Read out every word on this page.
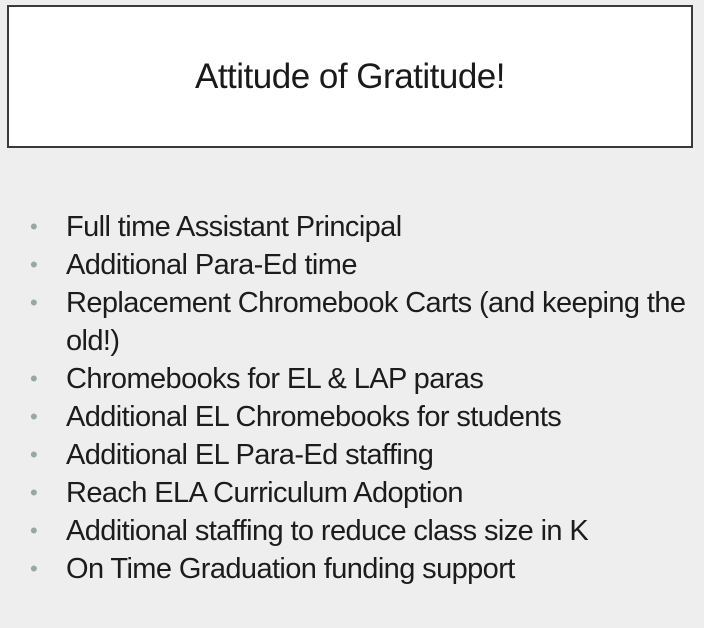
Attitude of Gratitude!
• Full time Assistant Principal
• Additional Para-Ed time
• Replacement Chromebook Carts (and keeping the old!)
• Chromebooks for EL & LAP paras
• Additional EL Chromebooks for students
• Additional EL Para-Ed staffing
• Reach ELA Curriculum Adoption
• Additional staffing to reduce class size in K
• On Time Graduation funding support
